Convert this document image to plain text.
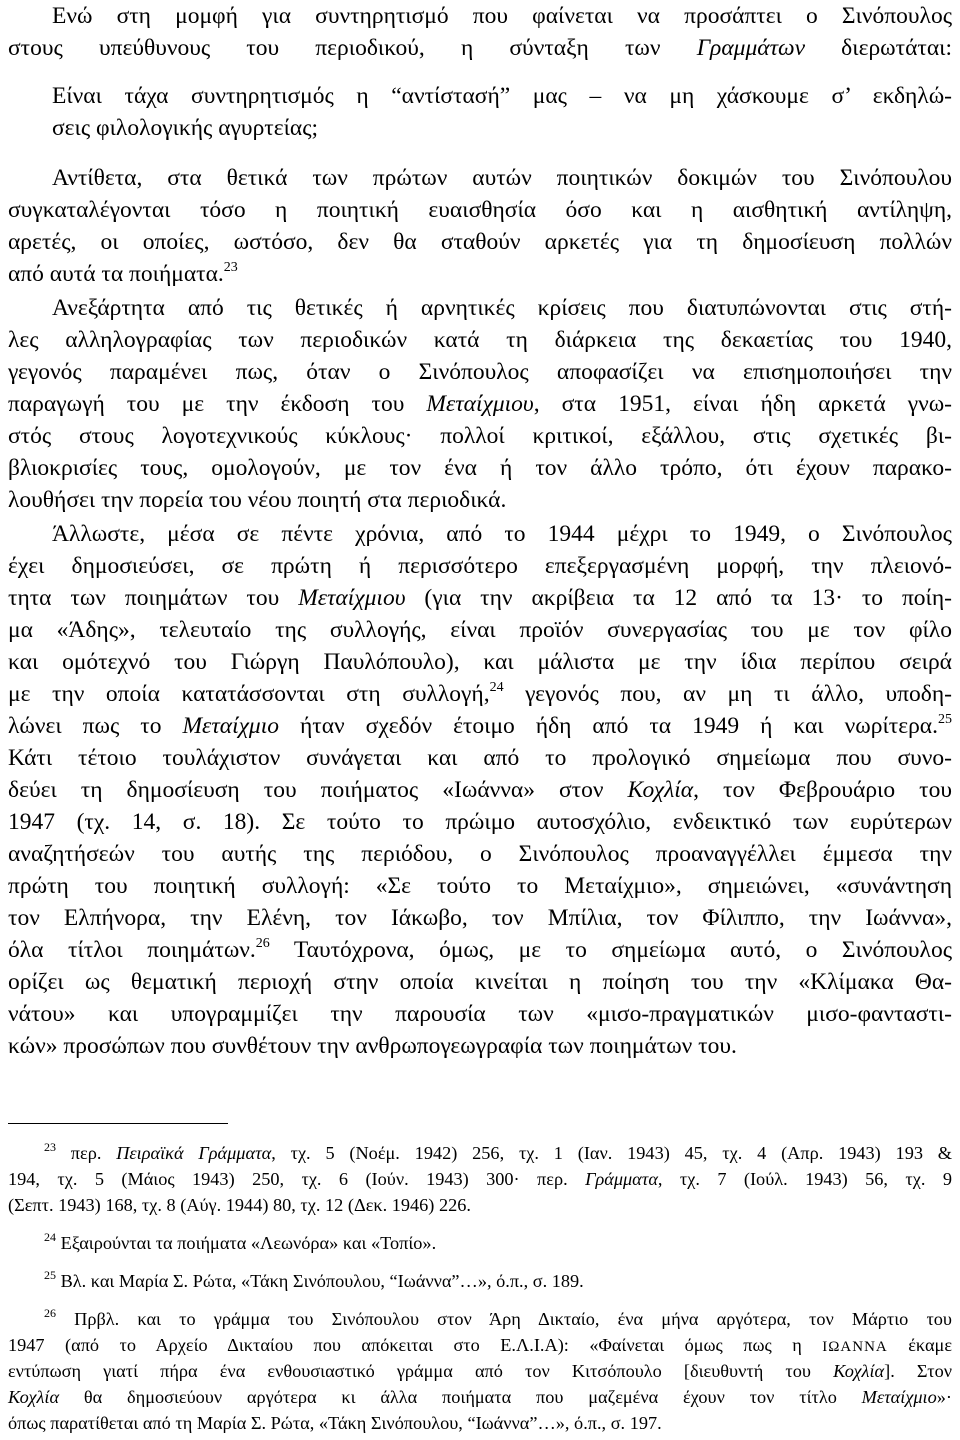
Ενώ στη μομφή για συντηρητισμό που φαίνεται να προσάπτει ο Σινόπουλος
στους υπεύθυνους του περιοδικού, η σύνταξη των Γραμμάτων διερωτάται:
Είναι τάχα συντηρητισμός η “αντίστασή” μας – να μη χάσκουμε σ’ εκδηλώ-
σεις φιλολογικής αγυρτείας;
Αντίθετα, στα θετικά των πρώτων αυτών ποιητικών δοκιμών του Σινόπουλου
συγκαταλέγονται τόσο η ποιητική ευαισθησία όσο και η αισθητική αντίληψη,
αρετές, οι οποίες, ωστόσο, δεν θα σταθούν αρκετές για τη δημοσίευση πολλών
από αυτά τα ποιήματα.$^{23}$
Ανεξάρτητα από τις θετικές ή αρνητικές κρίσεις που διατυπώνονται στις στή-
λες αλληλογραφίας των περιοδικών κατά τη διάρκεια της δεκαετίας του 1940,
γεγονός παραμένει πως, όταν ο Σινόπουλος αποφασίζει να επισημοποιήσει την
παραγωγή του με την έκδοση του Μεταίχμιου, στα 1951, είναι ήδη αρκετά γνω-
στός στους λογοτεχνικούς κύκλους· πολλοί κριτικοί, εξάλλου, στις σχετικές βι-
βλιοκρισίες τους, ομολογούν, με τον ένα ή τον άλλο τρόπο, ότι έχουν παρακο-
λουθήσει την πορεία του νέου ποιητή στα περιοδικά.
Άλλωστε, μέσα σε πέντε χρόνια, από το 1944 μέχρι το 1949, ο Σινόπουλος
έχει δημοσιεύσει, σε πρώτη ή περισσότερο επεξεργασμένη μορφή, την πλειονό-
τητα των ποιημάτων του Μεταίχμιου (για την ακρίβεια τα 12 από τα 13· το ποίη-
μα «Άδης», τελευταίο της συλλογής, είναι προϊόν συνεργασίας του με τον φίλο
και ομότεχνό του Γιώργη Παυλόπουλο), και μάλιστα με την ίδια περίπου σειρά
με την οποία κατατάσσονται στη συλλογή,$^{24}$ γεγονός που, αν μη τι άλλο, υποδη-
λώνει πως το Μεταίχμιο ήταν σχεδόν έτοιμο ήδη από τα 1949 ή και νωρίτερα.$^{25}$
Κάτι τέτοιο τουλάχιστον συνάγεται και από το προλογικό σημείωμα που συνο-
δεύει τη δημοσίευση του ποιήματος «Ιωάννα» στον Κοχλία, τον Φεβρουάριο του
1947 (τχ. 14, σ. 18). Σε τούτο το πρώιμο αυτοσχόλιο, ενδεικτικό των ευρύτερων
αναζητήσεών του αυτής της περιόδου, ο Σινόπουλος προαναγγέλλει έμμεσα την
πρώτη του ποιητική συλλογή: «Σε τούτο το Μεταίχμιο», σημειώνει, «συνάντηση
τον Ελπήνορα, την Ελένη, τον Ιάκωβο, τον Μπίλια, τον Φίλιππο, την Ιωάννα»,
όλα τίτλοι ποιημάτων.$^{26}$ Ταυτόχρονα, όμως, με το σημείωμα αυτό, ο Σινόπουλος
ορίζει ως θεματική περιοχή στην οποία κινείται η ποίηση του την «Κλίμακα Θα-
νάτου» και υπογραμμίζει την παρουσία των «μισο-πραγματικών μισο-φανταστι-
κών» προσώπων που συνθέτουν την ανθρωπογεωγραφία των ποιημάτων του.
$^{23}$ περ. Πειραϊκά Γράμματα, τχ. 5 (Νοέμ. 1942) 256, τχ. 1 (Ιαν. 1943) 45, τχ. 4 (Απρ. 1943) 193 &
194, τχ. 5 (Μάιος 1943) 250, τχ. 6 (Ιούν. 1943) 300· περ. Γράμματα, τχ. 7 (Ιούλ. 1943) 56, τχ. 9
(Σεπτ. 1943) 168, τχ. 8 (Αύγ. 1944) 80, τχ. 12 (Δεκ. 1946) 226.
$^{24}$ Εξαιρούνται τα ποιήματα «Λεωνόρα» και «Τοπίο».
$^{25}$ Βλ. και Μαρία Σ. Ρώτα, «Τάκη Σινόπουλου, “Ιωάννα”…», ό.π., σ. 189.
$^{26}$ Πρβλ. και το γράμμα του Σινόπουλου στον Άρη Δικταίο, ένα μήνα αργότερα, τον Μάρτιο του
1947 (από το Αρχείο Δικταίου που απόκειται στο Ε.Λ.Ι.Α): «Φαίνεται όμως πως η ΙΩΑΝΝΑ έκαμε
εντύπωση γιατί πήρα ένα ενθουσιαστικό γράμμα από τον Κιτσόπουλο [διευθυντή του Κοχλία]. Στον
Κοχλία θα δημοσιεύουν αργότερα κι άλλα ποιήματα που μαζεμένα έχουν τον τίτλο Μεταίχμιο»·
όπως παρατίθεται από τη Μαρία Σ. Ρώτα, «Τάκη Σινόπουλου, “Ιωάννα”…», ό.π., σ. 197.
